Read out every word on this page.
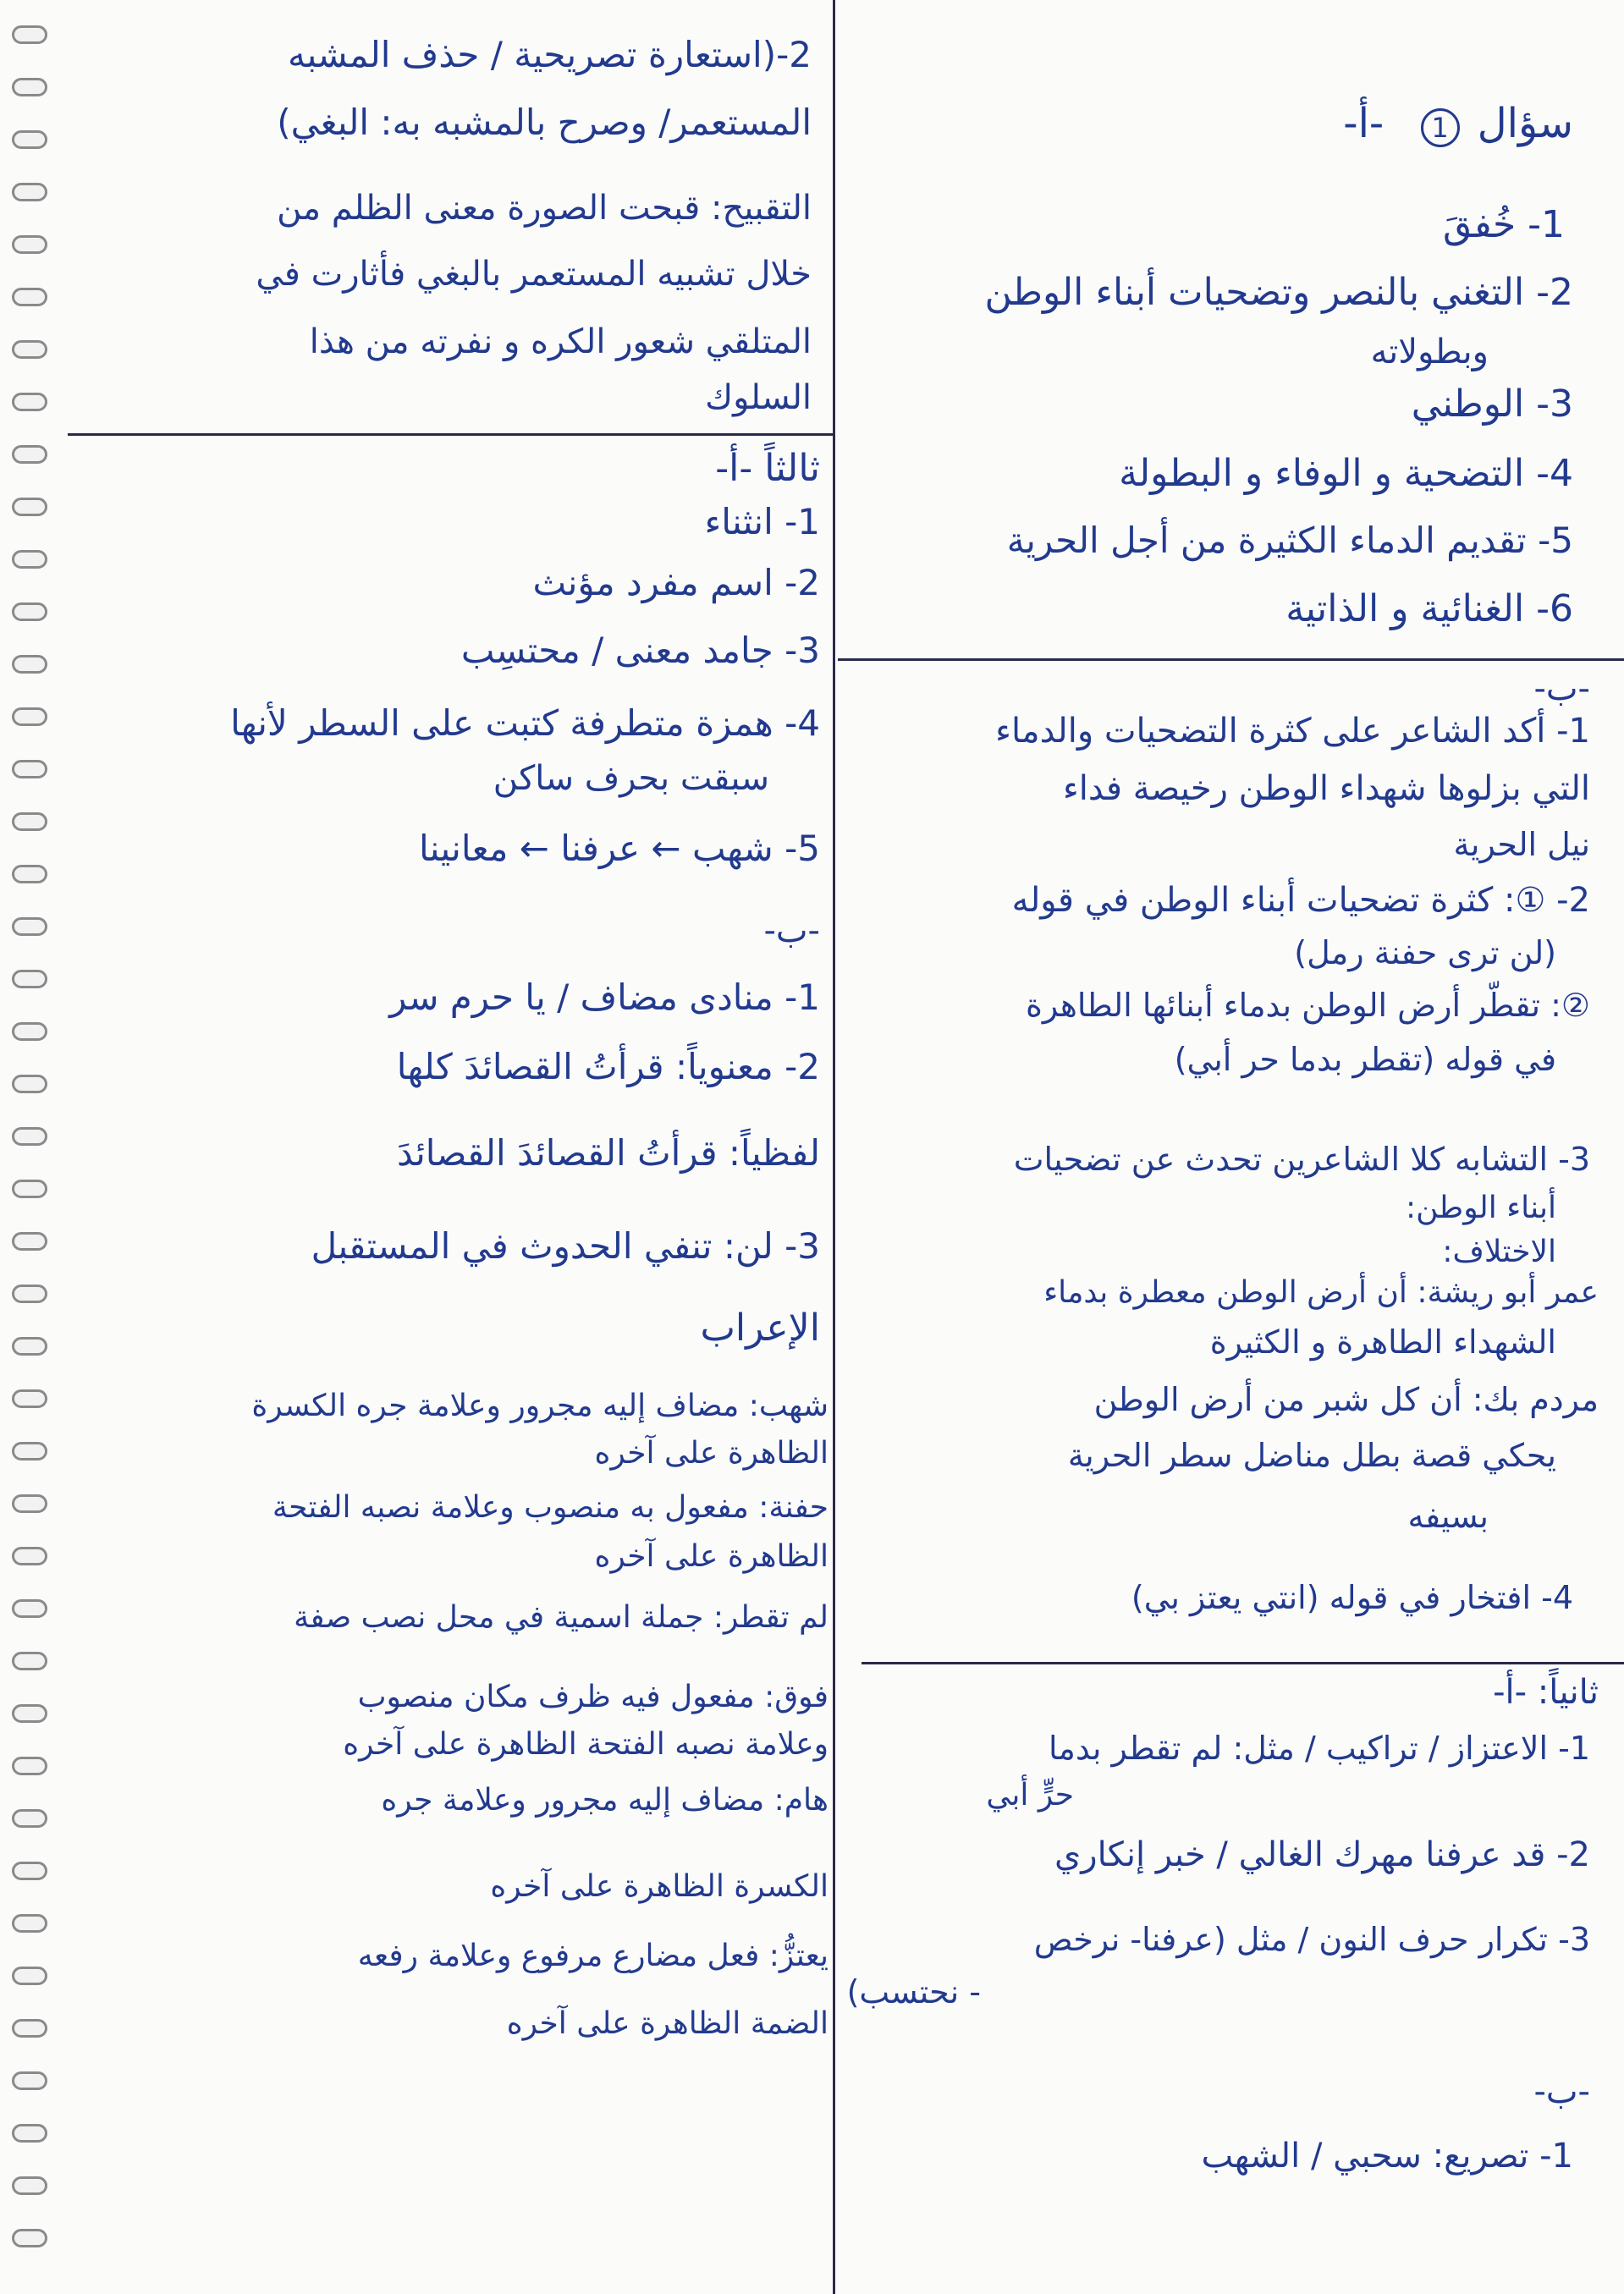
سؤال 1 -أ-
1- خُفقَ
2- التغني بالنصر وتضحيات أبناء الوطن
وبطولاته
3- الوطني
4- التضحية و الوفاء و البطولة
5- تقديم الدماء الكثيرة من أجل الحرية
6- الغنائية و الذاتية
-ب-
1- أكد الشاعر على كثرة التضحيات والدماء
التي بزلوها شهداء الوطن رخيصة فداء
نيل الحرية
2- ①: كثرة تضحيات أبناء الوطن في قوله
(لن ترى حفنة رمل)
②: تقطّر أرض الوطن بدماء أبنائها الطاهرة
في قوله (تقطر بدما حر أبي)
3- التشابه كلا الشاعرين تحدث عن تضحيات
أبناء الوطن:
الاختلاف:
عمر أبو ريشة: أن أرض الوطن معطرة بدماء
الشهداء الطاهرة و الكثيرة
مردم بك: أن كل شبر من أرض الوطن
يحكي قصة بطل مناضل سطر الحرية
بسيفه
4- افتخار في قوله (انتي يعتز بي)
ثانياً: -أ-
1- الاعتزاز / تراكيب / مثل: لم تقطر بدما
حرٍّ أبي
2- قد عرفنا مهرك الغالي / خبر إنكاري
3- تكرار حرف النون / مثل (عرفنا- نرخص
- نحتسب)
-ب-
1- تصريع: سحبي / الشهب
2-(استعارة تصريحية / حذف المشبه
المستعمر/ وصرح بالمشبه به: البغي)
التقبيح: قبحت الصورة معنى الظلم من
خلال تشبيه المستعمر بالبغي فأثارت في
المتلقي شعور الكره و نفرته من هذا
السلوك
ثالثاً -أ-
1- انثناء
2- اسم مفرد مؤنث
3- جامد معنى / محتسِب
4- همزة متطرفة كتبت على السطر لأنها
سبقت بحرف ساكن
5- شهب ← عرفنا ← معانينا
-ب-
1- منادى مضاف / يا حرم سر
2- معنوياً: قرأتُ القصائدَ كلها
لفظياً: قرأتُ القصائدَ القصائدَ
3- لن: تنفي الحدوث في المستقبل
الإعراب
شهب: مضاف إليه مجرور وعلامة جره الكسرة
الظاهرة على آخره
حفنة: مفعول به منصوب وعلامة نصبه الفتحة
الظاهرة على آخره
لم تقطر: جملة اسمية في محل نصب صفة
فوق: مفعول فيه ظرف مكان منصوب
وعلامة نصبه الفتحة الظاهرة على آخره
هام: مضاف إليه مجرور وعلامة جره
الكسرة الظاهرة على آخره
يعتزُّ: فعل مضارع مرفوع وعلامة رفعه
الضمة الظاهرة على آخره
